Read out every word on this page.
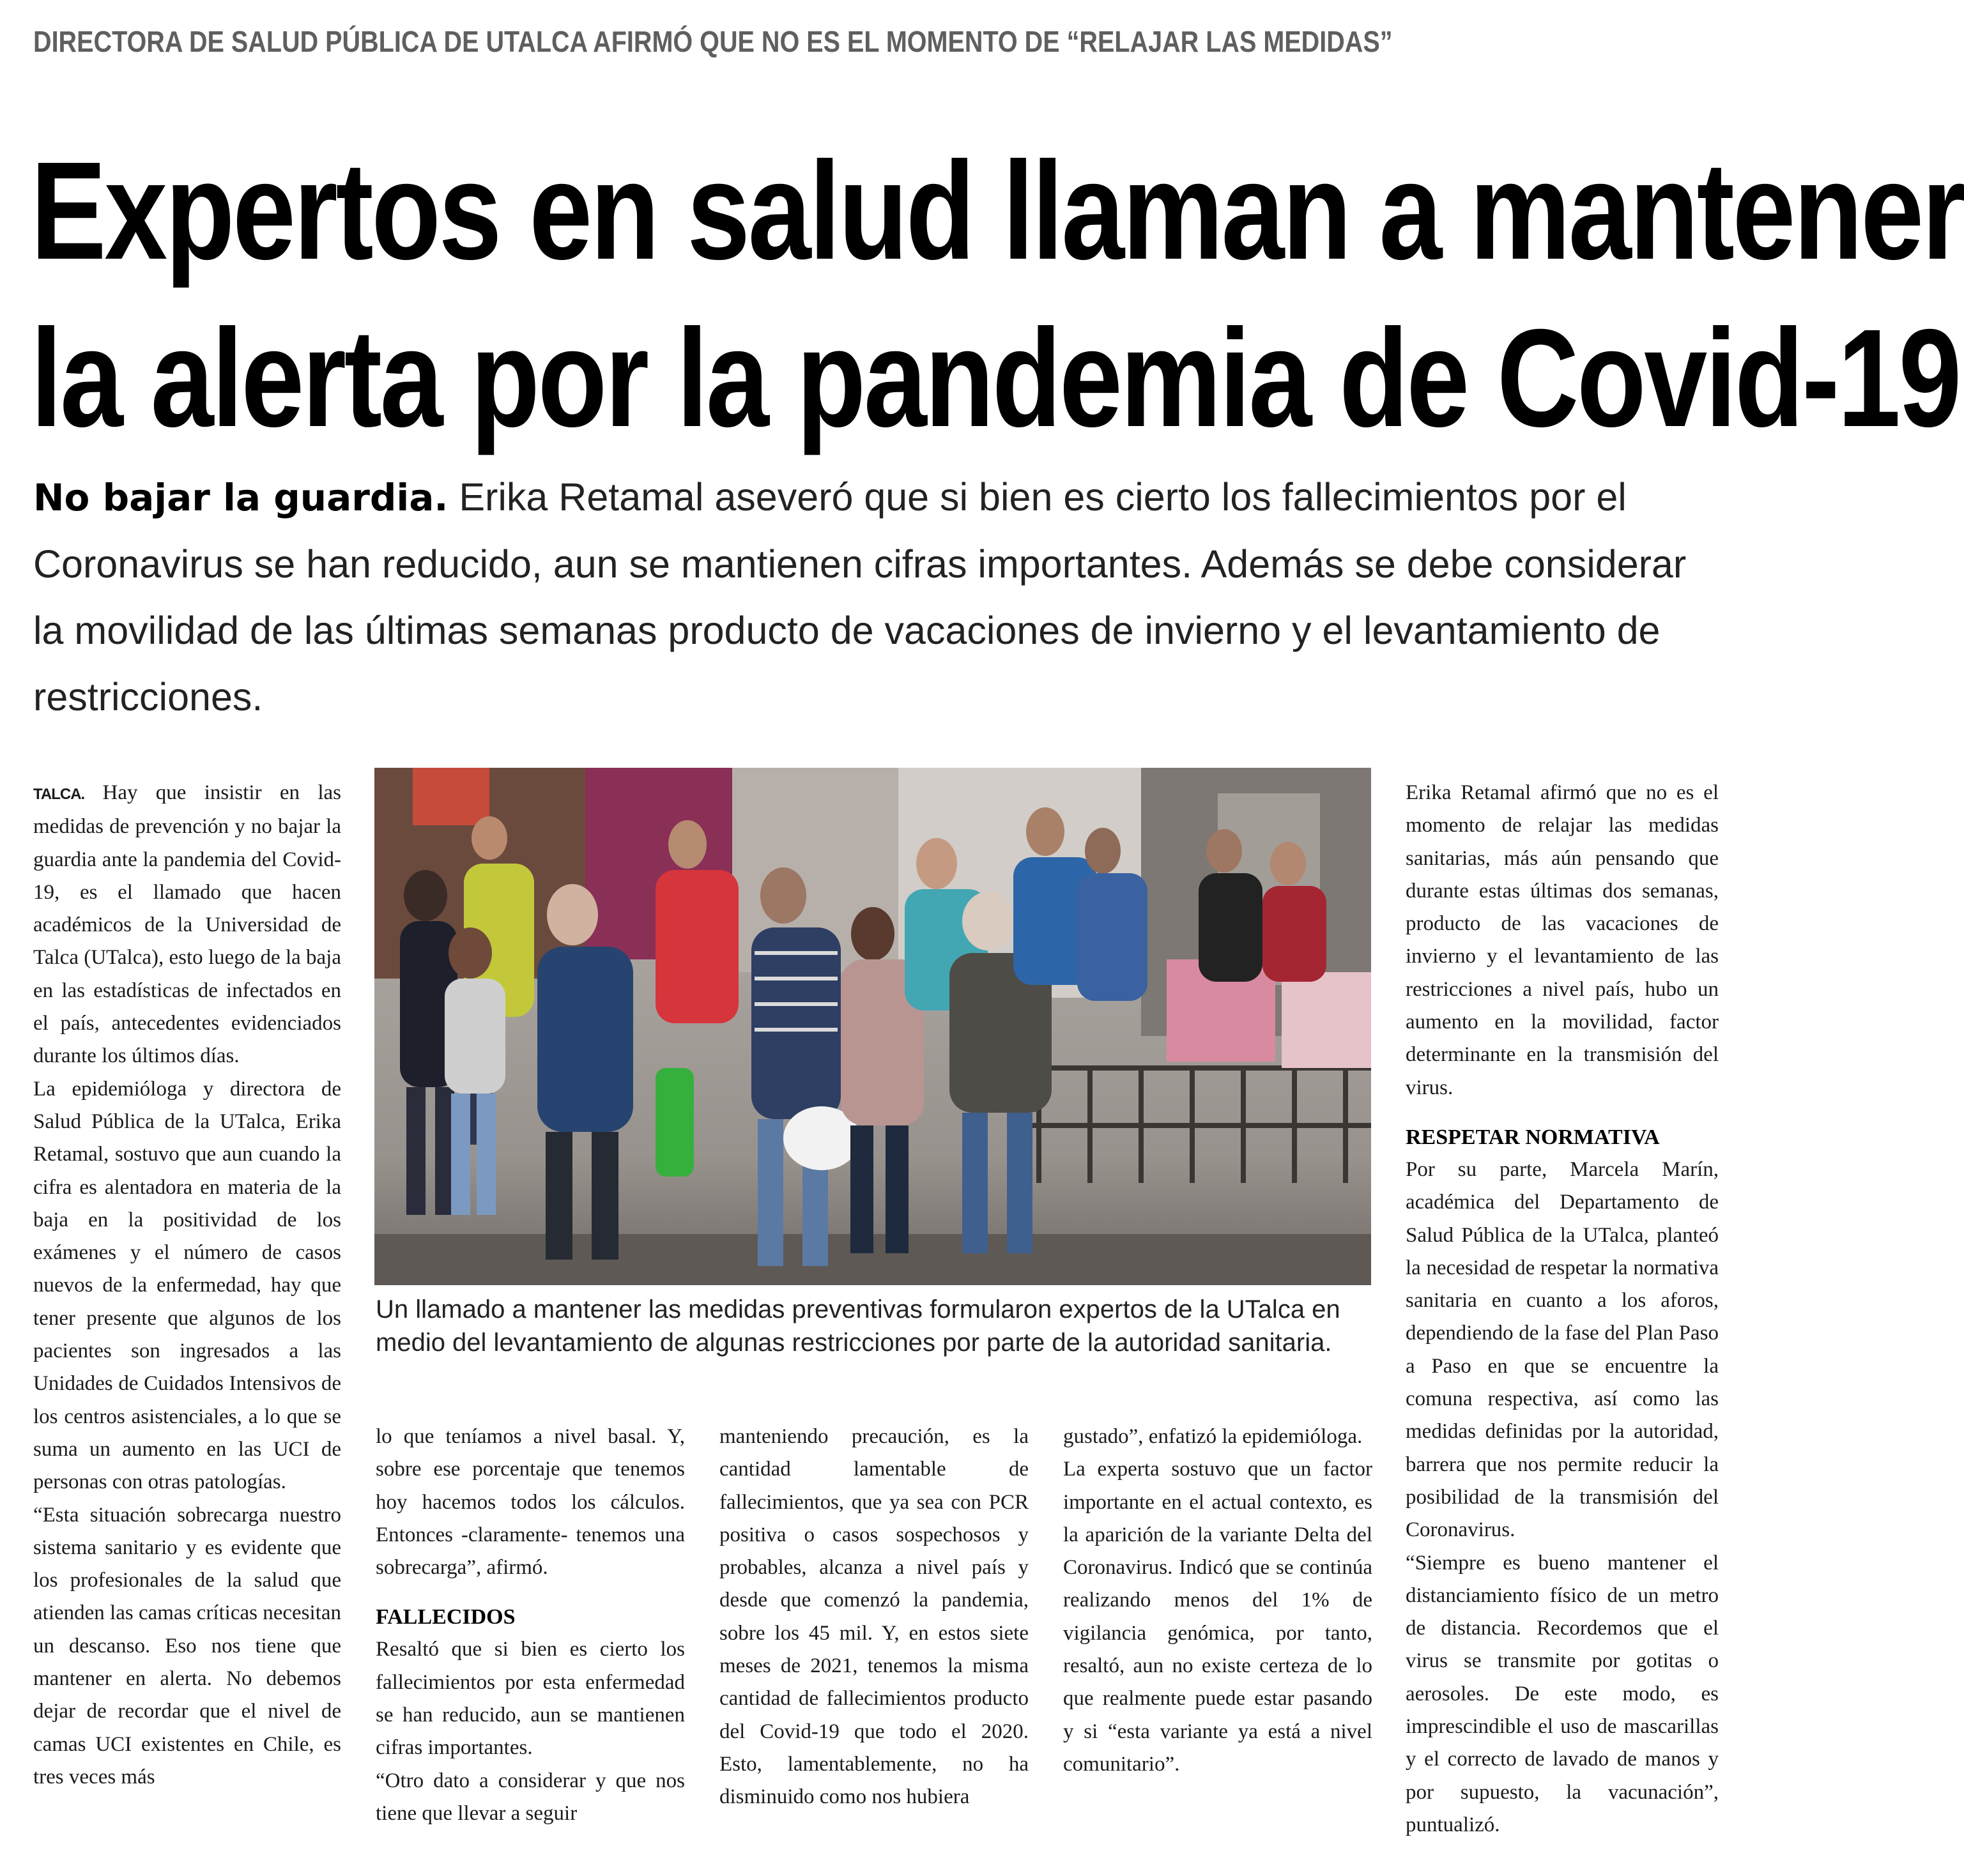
DIRECTORA DE SALUD PÚBLICA DE UTALCA AFIRMÓ QUE NO ES EL MOMENTO DE “RELAJAR LAS MEDIDAS”
Expertos en salud llaman a mantener
la alerta por la pandemia de Covid-19
No bajar la guardia. Erika Retamal aseveró que si bien es cierto los fallecimientos por el Coronavirus se han reducido, aun se mantienen cifras importantes. Además se debe considerar la movilidad de las últimas semanas producto de vacaciones de invierno y el levantamiento de restricciones.

TALCA. Hay que insistir en las medidas de prevención y no bajar la guardia ante la pandemia del Covid-19, es el llamado que hacen académicos de la Universidad de Talca (UTalca), esto luego de la baja en las estadísticas de infectados en el país, antecedentes evidenciados durante los últimos días.

La epidemióloga y directora de Salud Pública de la UTalca, Erika Retamal, sostuvo que aun cuando la cifra es alentadora en materia de la baja en la positividad de los exámenes y el número de casos nuevos de la enfermedad, hay que tener presente que algunos de los pacientes son ingresados a las Unidades de Cuidados Intensivos de los centros asistenciales, a lo que se suma un aumento en las UCI de personas con otras patologías.

“Esta situación sobrecarga nuestro sistema sanitario y es evidente que los profesionales de la salud que atienden las camas críticas necesitan un descanso. Eso nos tiene que mantener en alerta. No debemos dejar de recordar que el nivel de camas UCI existentes en Chile, es tres veces más

Un llamado a mantener las medidas preventivas formularon expertos de la UTalca en medio del levantamiento de algunas restricciones por parte de la autoridad sanitaria.

lo que teníamos a nivel basal. Y, sobre ese porcentaje que tenemos hoy hacemos todos los cálculos. Entonces -claramente- tenemos una sobrecarga”, afirmó.

FALLECIDOS

Resaltó que si bien es cierto los fallecimientos por esta enfermedad se han reducido, aun se mantienen cifras importantes.

“Otro dato a considerar y que nos tiene que llevar a seguir

manteniendo precaución, es la cantidad lamentable de fallecimientos, que ya sea con PCR positiva o casos sospechosos y probables, alcanza a nivel país y desde que comenzó la pandemia, sobre los 45 mil. Y, en estos siete meses de 2021, tenemos la misma cantidad de fallecimientos producto del Covid-19 que todo el 2020. Esto, lamentablemente, no ha disminuido como nos hubiera

gustado”, enfatizó la epidemióloga.

La experta sostuvo que un factor importante en el actual contexto, es la aparición de la variante Delta del Coronavirus. Indicó que se continúa realizando menos del 1% de vigilancia genómica, por tanto, resaltó, aun no existe certeza de lo que realmente puede estar pasando y si “esta variante ya está a nivel comunitario”.

Erika Retamal afirmó que no es el momento de relajar las medidas sanitarias, más aún pensando que durante estas últimas dos semanas, producto de las vacaciones de invierno y el levantamiento de las restricciones a nivel país, hubo un aumento en la movilidad, factor determinante en la transmisión del virus.

RESPETAR NORMATIVA

Por su parte, Marcela Marín, académica del Departamento de Salud Pública de la UTalca, planteó la necesidad de respetar la normativa sanitaria en cuanto a los aforos, dependiendo de la fase del Plan Paso a Paso en que se encuentre la comuna respectiva, así como las medidas definidas por la autoridad, barrera que nos permite reducir la posibilidad de la transmisión del Coronavirus.

“Siempre es bueno mantener el distanciamiento físico de un metro de distancia. Recordemos que el virus se transmite por gotitas o aerosoles. De este modo, es imprescindible el uso de mascarillas y el correcto de lavado de manos y por supuesto, la vacunación”, puntualizó.
